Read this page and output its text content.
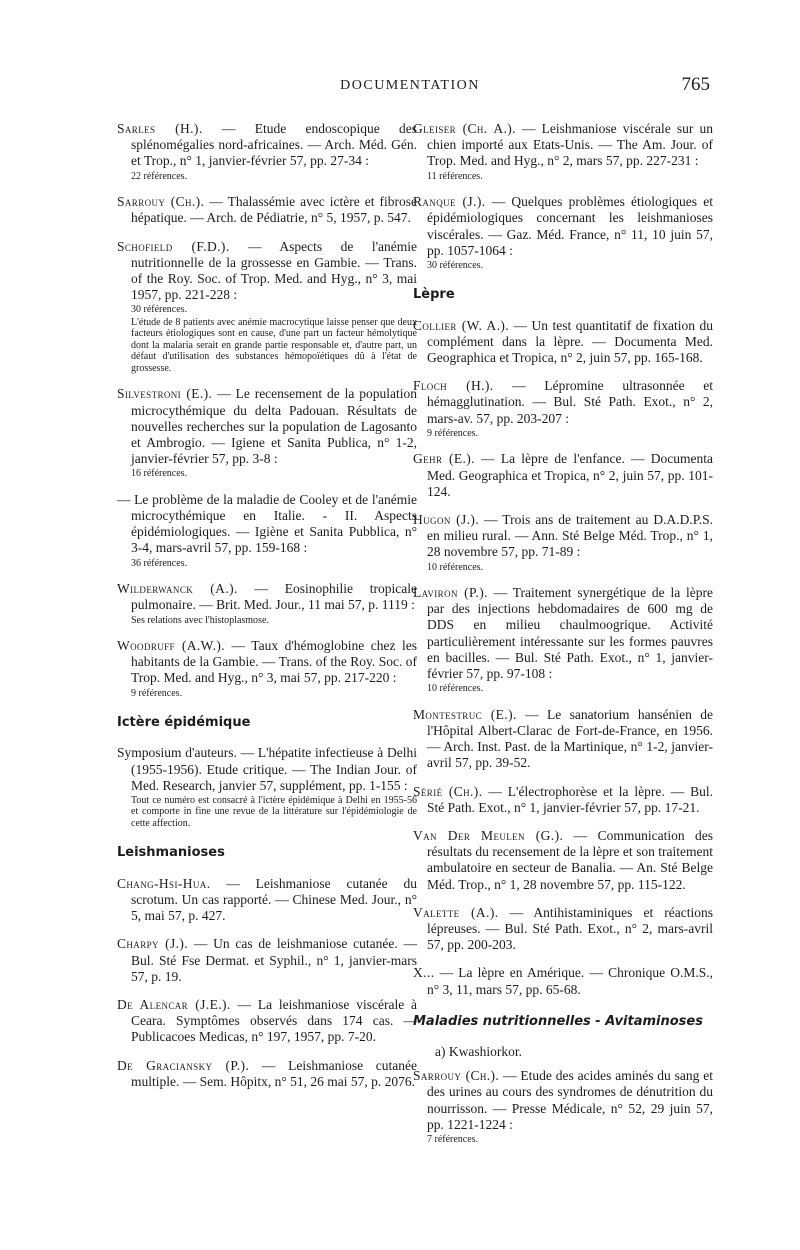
DOCUMENTATION	765
Sarles (H.). — Etude endoscopique des splénomégalies nord-africaines. — Arch. Méd. Gén. et Trop., n° 1, janvier-février 57, pp. 27-34 :
22 références.
Sarrouy (Ch.). — Thalassémie avec ictère et fibrose hépatique. — Arch. de Pédiatrie, n° 5, 1957, p. 547.
Schofield (F.D.). — Aspects de l'anémie nutritionnelle de la grossesse en Gambie. — Trans. of the Roy. Soc. of Trop. Med. and Hyg., n° 3, mai 1957, pp. 221-228 :
30 références.
L'étude de 8 patients avec anémie macrocytique laisse penser que deux facteurs étiologiques sont en cause, d'une part un facteur hémolytique dont la malaria serait en grande partie responsable et, d'autre part, un défaut d'utilisation des substances hémopoïétiques dû à l'état de grossesse.
Silvestroni (E.). — Le recensement de la population microcythémique du delta Padouan. Résultats de nouvelles recherches sur la population de Lagosanto et Ambrogio. — Igiene et Sanita Publica, n° 1-2, janvier-février 57, pp. 3-8 :
16 références.
— Le problème de la maladie de Cooley et de l'anémie microcythémique en Italie. - II. Aspects épidémiologiques. — Igiène et Sanita Pubblica, n° 3-4, mars-avril 57, pp. 159-168 :
36 références.
Wilderwanck (A.). — Eosinophilie tropicale pulmonaire. — Brit. Med. Jour., 11 mai 57, p. 1119 :
Ses relations avec l'histoplasmose.
Woodruff (A.W.). — Taux d'hémoglobine chez les habitants de la Gambie. — Trans. of the Roy. Soc. of Trop. Med. and Hyg., n° 3, mai 57, pp. 217-220 :
9 références.
Ictère épidémique
Symposium d'auteurs. — L'hépatite infectieuse à Delhi (1955-1956). Etude critique. — The Indian Jour. of Med. Research, janvier 57, supplément, pp. 1-155 :
Tout ce numéro est consacré à l'ictère épidémique à Delhi en 1955-56 et comporte in fine une revue de la littérature sur l'épidémiologie de cette affection.
Leishmanioses
Chang-Hsi-Hua. — Leishmaniose cutanée du scrotum. Un cas rapporté. — Chinese Med. Jour., n° 5, mai 57, p. 427.
Charpy (J.). — Un cas de leishmaniose cutanée. — Bul. Sté Fse Dermat. et Syphil., n° 1, janvier-mars 57, p. 19.
De Alencar (J.E.). — La leishmaniose viscérale à Ceara. Symptômes observés dans 174 cas. — Publicacoes Medicas, n° 197, 1957, pp. 7-20.
De Graciansky (P.). — Leishmaniose cutanée multiple. — Sem. Hôpitx, n° 51, 26 mai 57, p. 2076.
Gleiser (Ch. A.). — Leishmaniose viscérale sur un chien importé aux Etats-Unis. — The Am. Jour. of Trop. Med. and Hyg., n° 2, mars 57, pp. 227-231 :
11 références.
Ranque (J.). — Quelques problèmes étiologiques et épidémiologiques concernant les leishmanioses viscérales. — Gaz. Méd. France, n° 11, 10 juin 57, pp. 1057-1064 :
30 références.
Lèpre
Collier (W. A.). — Un test quantitatif de fixation du complément dans la lèpre. — Documenta Med. Geographica et Tropica, n° 2, juin 57, pp. 165-168.
Floch (H.). — Lépromine ultrasonnée et hémagglutination. — Bul. Sté Path. Exot., n° 2, mars-av. 57, pp. 203-207 :
9 références.
Gehr (E.). — La lèpre de l'enfance. — Documenta Med. Geographica et Tropica, n° 2, juin 57, pp. 101-124.
Hugon (J.). — Trois ans de traitement au D.A.D.P.S. en milieu rural. — Ann. Sté Belge Méd. Trop., n° 1, 28 novembre 57, pp. 71-89 :
10 références.
Laviron (P.). — Traitement synergétique de la lèpre par des injections hebdomadaires de 600 mg de DDS en milieu chaulmoogrique. Activité particulièrement intéressante sur les formes pauvres en bacilles. — Bul. Sté Path. Exot., n° 1, janvier-février 57, pp. 97-108 :
10 références.
Montestruc (E.). — Le sanatorium hansénien de l'Hôpital Albert-Clarac de Fort-de-France, en 1956. — Arch. Inst. Past. de la Martinique, n° 1-2, janvier-avril 57, pp. 39-52.
Sérié (Ch.). — L'électrophorèse et la lèpre. — Bul. Sté Path. Exot., n° 1, janvier-février 57, pp. 17-21.
Van Der Meulen (G.). — Communication des résultats du recensement de la lèpre et son traitement ambulatoire en secteur de Banalia. — An. Sté Belge Méd. Trop., n° 1, 28 novembre 57, pp. 115-122.
Valette (A.). — Antihistaminiques et réactions lépreuses. — Bul. Sté Path. Exot., n° 2, mars-avril 57, pp. 200-203.
X... — La lèpre en Amérique. — Chronique O.M.S., n° 3, 11, mars 57, pp. 65-68.
Maladies nutritionnelles - Avitaminoses
a) Kwashiorkor.
Sarrouy (Ch.). — Etude des acides aminés du sang et des urines au cours des syndromes de dénutrition du nourrisson. — Presse Médicale, n° 52, 29 juin 57, pp. 1221-1224 :
7 références.
